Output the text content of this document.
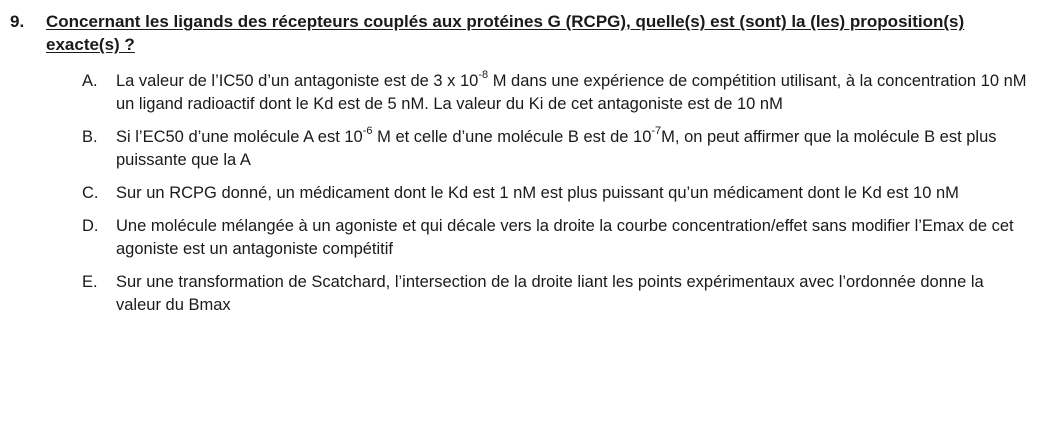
9.	Concernant les ligands des récepteurs couplés aux protéines G (RCPG), quelle(s) est (sont) la (les) proposition(s) exacte(s) ?
A.	La valeur de l’IC50 d’un antagoniste est de 3 x $10^{-8}$ M dans une expérience de compétition utilisant, à la concentration 10 nM un ligand radioactif dont le Kd est de 5 nM. La valeur du Ki de cet antagoniste est de 10 nM
B.	Si l’EC50 d’une molécule A est $10^{-6}$ M et celle d’une molécule B est de $10^{-7}M$, on peut affirmer que la molécule B est plus puissante que la A
C.	Sur un RCPG donné, un médicament dont le Kd est 1 nM est plus puissant qu’un médicament dont le Kd est 10 nM
D.	Une molécule mélangée à un agoniste et qui décale vers la droite la courbe concentration/effet sans modifier l’Emax de cet agoniste est un antagoniste compétitif
E.	Sur une transformation de Scatchard, l’intersection de la droite liant les points expérimentaux avec l’ordonnée donne la valeur du Bmax
